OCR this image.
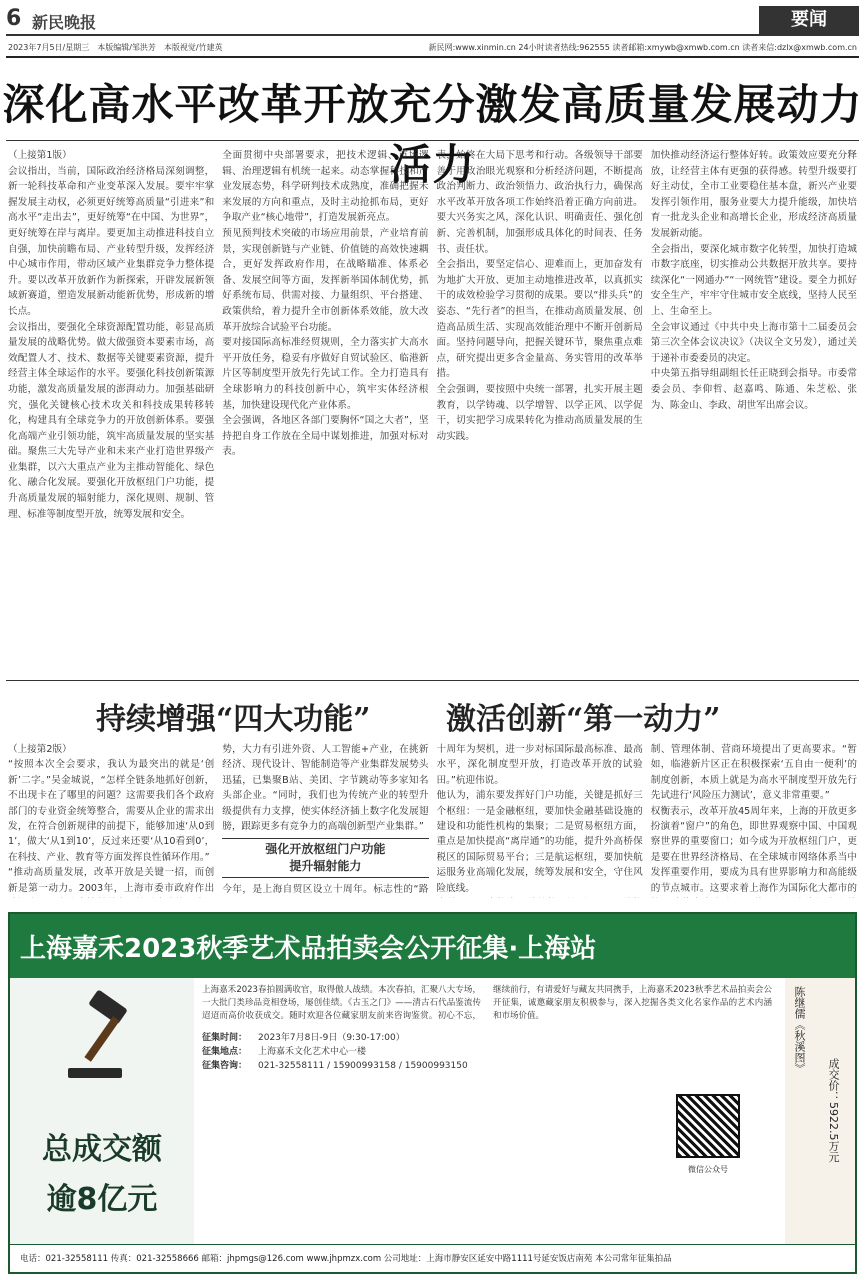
6 新民晚报	要闻
2023年7月5日/星期三　本版编辑/邹洪芳　本版视觉/竹建英	新民网:www.xinmin.cn 24小时读者热线:962555 读者邮箱:xmywb@xmwb.com.cn 读者来信:dzlx@xmwb.com.cn
深化高水平改革开放充分激发高质量发展动力活力
（上接第1版）
会议指出，当前，国际政治经济格局深刻调整，新一轮科技革命和产业变革深入发展。要牢牢掌握发展主动权，必须更好统筹高质量“引进来”和高水平“走出去”，更好统筹“在中国、为世界”，更好统筹在岸与离岸。要更加主动推进科技自立自强，加快前瞻布局、产业转型升级，发挥经济中心城市作用，带动区域产业集群竞争力整体提升。要以改革开放新作为新探索，开辟发展新领域新赛道，塑造发展新动能新优势，形成新的增长点。
会议指出，要强化全球资源配置功能，彰显高质量发展的战略优势。做大做强资本要素市场，高效配置人才、技术、数据等关键要素资源，提升经营主体全球运作的水平。要强化科技创新策源功能，激发高质量发展的澎湃动力。加强基础研究，强化关键核心技术攻关和科技成果转移转化，构建具有全球竞争力的开放创新体系。要强化高端产业引领功能，筑牢高质量发展的坚实基础。聚焦三大先导产业和未来产业打造世界级产业集群，以六大重点产业为主推动智能化、绿色化、融合化发展。要强化开放枢纽门户功能，提升高质量发展的辐射能力，深化规则、规制、管理、标准等制度型开放，统筹发展和安全。
全面贯彻中央部署要求，把技术逻辑、市场逻辑、治理逻辑有机统一起来。动态掌握科技和产业发展态势，科学研判技术成熟度，准确把握未来发展的方向和重点，及时主动抢抓布局，更好争取产业“核心地带”，打造发展新亮点。
预见预判技术突破的市场应用前景，产业培育前景，实现创新链与产业链、价值链的高效快速耦合，更好发挥政府作用，在战略瞄准、体系必备、发展空间等方面，发挥新举国体制优势，抓好系统布局、供需对接、力量组织、平台搭建、政策供给，着力提升全市创新体系效能，放大改革开放综合试验平台功能。
要对接国际高标准经贸规则，全力落实扩大高水平开放任务，稳妥有序做好自贸试验区、临港新片区等制度型开放先行先试工作。全力打造具有全球影响力的科技创新中心，筑牢实体经济根基，加快建设现代化产业体系。
全会强调，各地区各部门要胸怀“国之大者”，坚持把自身工作放在全局中谋划推进，加强对标对表。
表，始终在大局下思考和行动。各级领导干部要善于用政治眼光观察和分析经济问题，不断提高政治判断力、政治领悟力、政治执行力，确保高水平改革开放各项工作始终沿着正确方向前进。要大兴务实之风，深化认识、明确责任、强化创新、完善机制，加强形成具体化的时间表、任务书、责任状。
全会指出，要坚定信心、迎难而上，更加奋发有为地扩大开放、更加主动地推进改革，以真抓实干的成效检验学习贯彻的成果。要以“排头兵”的姿态、“先行者”的担当，在推动高质量发展、创造高品质生活、实现高效能治理中不断开创新局面。坚持问题导向，把握关键环节，聚焦重点难点，研究提出更多含金量高、务实管用的改革举措。
全会强调，要按照中央统一部署，扎实开展主题教育，以学铸魂、以学增智、以学正风、以学促干，切实把学习成果转化为推动高质量发展的生动实践。
加快推动经济运行整体好转。政策效应要充分释放，让经营主体有更强的获得感。转型升级要打好主动仗，全市工业要稳住基本盘，新兴产业要发挥引领作用，服务业要大力提升能级，加快培育一批龙头企业和高增长企业，形成经济高质量发展新动能。
全会指出，要深化城市数字化转型，加快打造城市数字底座，切实推动公共数据开放共享。要持续深化“一网通办”“一网统管”建设。要全力抓好安全生产，牢牢守住城市安全底线，坚持人民至上、生命至上。
全会审议通过《中共中央上海市第十二届委员会第三次全体会议决议》（决议全文另发），通过关于递补市委委员的决定。
中央第五指导组副组长任正晓到会指导。市委常委会员、李仰哲、赵嘉鸣、陈通、朱芝松、张为、陈金山、李政、胡世军出席会议。
持续增强“四大功能”	激活创新“第一动力”
（上接第2版）
“按照本次全会要求，我认为最突出的就是‘创新’二字。”吴金城说，“怎样全链条地抓好创新，不出现卡在了哪里的问题？这需要我们各个政府部门的专业资金统筹整合，需要从企业的需求出发，在符合创新规律的前提下，能够加速‘从0到1’，做大‘从1到10’，反过来还要‘从10看到0’，在科技、产业、教育等方面发挥良性循环作用。”
“推动高质量发展，改革开放是关键一招，而创新是第一动力。2003年，上海市委市政府作出
势，大力有引进外资、人工智能+产业，在挑新经济、现代设计、智能制造等产业集群发展势头迅猛，已集聚B站、美团、字节跳动等多家知名头部企业。“同时，我们也为传统产业的转型升级提供有力支撑，使实体经济插上数字化发展翅膀，跟踪更多有竞争力的高端创新型产业集群。”
强化开放枢纽门户功能
提升辐射能力
今年，是上海自贸区设立十周年。标志性的“路

十周年为契机，进一步对标国际最高标准、最高水平，深化制度型开放，打造改革开放的试验田。”杭迎伟说。
他认为，浦东要发挥好门户功能，关键是抓好三个枢纽：一是金融枢纽，要加快金融基础设施的建设和功能性机构的集聚；二是贸易枢纽方面，重点是加快提高“离岸通”的功能，提升外高桥保税区的国际贸易平台；三是航运枢纽，要加快航运服务业高端化发展，统筹发展和安全，守住风险底线。

制、管理体制、营商环境提出了更高要求。“暂如，临港新片区正在积极探索‘五自由一便利’的制度创新，本质上就是为高水平制度型开放先行先试进行‘风险压力测试’，意义非常重要。”
权衡表示，改革开放45周年来，上海的开放更多扮演着“窗户”的角色，即世界观察中国、中国观察世界的重要窗口；如今成为开放枢纽门户，更是要在世界经济格局、在全球城市网络体系当中发挥重要作用，要成为具有世界影响力和高能级的节点城市。这要求着上海作为国际化大都市的
上海嘉禾2023秋季艺术品拍卖会公开征集·上海站
总成交额
逾8亿元
上海嘉禾2023春拍圆满收官，取得傲人战绩。本次春拍，汇聚八大专场，一大批门类珍品竞相登场，屡创佳绩。《古玉之门》——清古石代品鉴流传迢迢而高价收获成交。随时欢迎各位藏家朋友前来咨询鉴赏。初心不忘，继续前行，有请爱好与藏友共同携手，上海嘉禾2023秋季艺术品拍卖会公开征集，诚邀藏家朋友积极参与，深入挖掘各类文化名家作品的艺术内涵和市场价值。
征集时间： 2023年7月8日-9日（9:30-17:00）
征集地点： 上海嘉禾文化艺术中心一楼
征集咨询： 021-32558111 / 15900993158 / 15900993150
微信公众号
陈继儒《秋溪图》
成交价：5922.5万元
电话：021-32558111 传真：021-32558666 邮箱：jhpmgs@126.com www.jhpmzx.com 公司地址：上海市静安区延安中路1111号延安饭店南苑 本公司常年征集拍品
